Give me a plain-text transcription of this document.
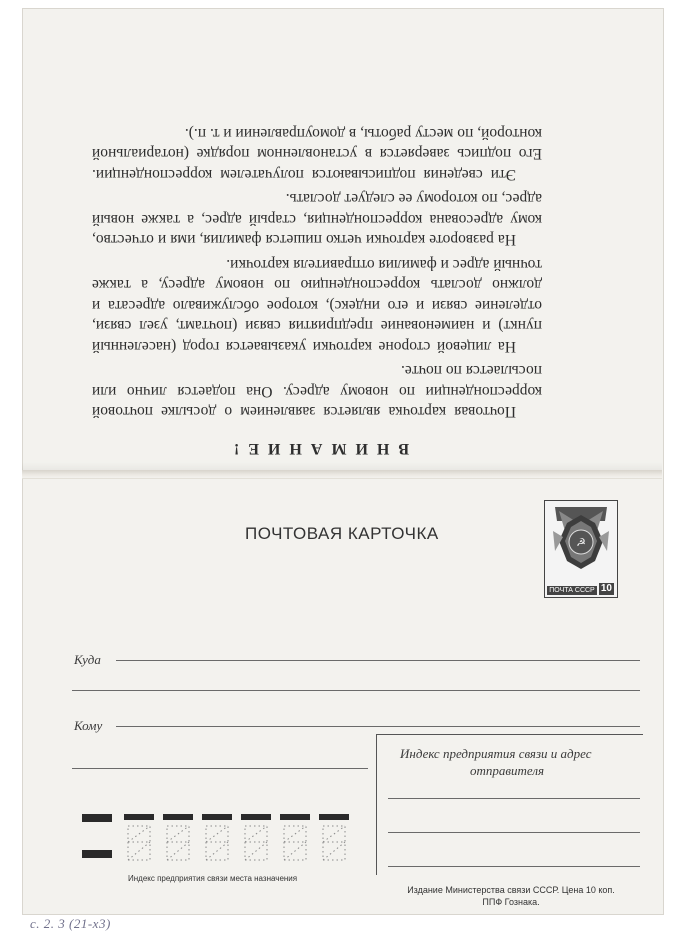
ВНИМАНИЕ!

Почтовая карточка является заявлением о досылке почтовой корреспонденции по новому адресу. Она подается лично или посылается по почте.

На лицевой стороне карточки указывается город (населенный пункт) и наименование предприятия связи (почтамт, узел связи, отделение связи и его индекс), которое обслуживало адресата и должно дослать корреспонденцию по новому адресу, а также точный адрес и фамилия отправителя карточки.

На развороте карточки четко пишется фамилия, имя и отчество, кому адресована корреспонденция, старый адрес, а также новый адрес, по которому ее следует дослать.

Эти сведения подписываются получателем корреспонденции. Его подпись заверяется в установленном порядке (нотариальной конторой, по месту работы, в домоуправлении и т. п.).

ПОЧТОВАЯ КАРТОЧКА	☭
ПОЧТА СССР 10
Куда
Кому
Индекс предприятия связи и адрес
отправителя
Индекс предприятия связи места назначения
Издание Министерства связи СССР. Цена 10 коп.
ППФ Гознака.
с. 2. 3 (21-х3)
